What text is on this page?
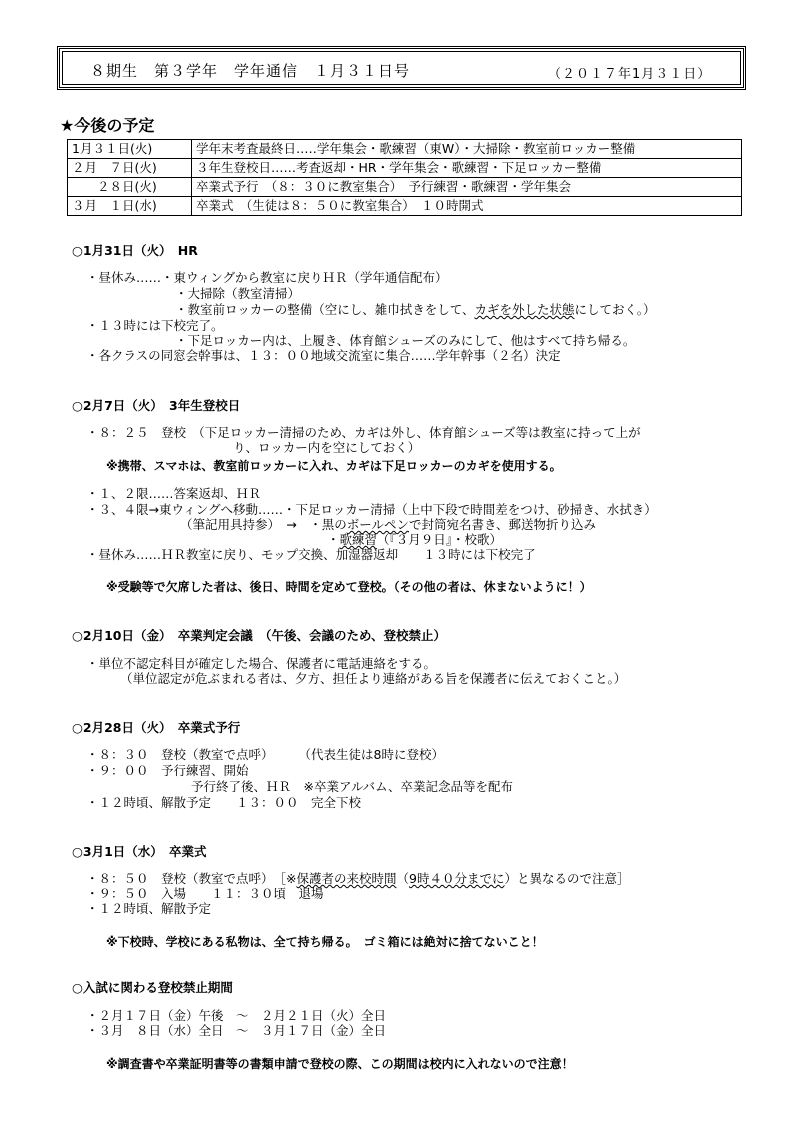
８期生　第３学年　学年通信　１月３１日号	（２０１７年1月３１日）
★今後の予定
1月３１日(火)	学年末考査最終日…‥学年集会・歌練習（東W）・大掃除・教室前ロッカー整備
２月　７日(火)	３年生登校日……考査返却・HR・学年集会・歌練習・下足ロッカー整備
　　２８日(火)	卒業式予行　（８：３０に教室集合）　予行練習・歌練習・学年集会
３月　１日(水)	卒業式　（生徒は８：５０に教室集合）　１０時開式
○1月31日（火）　HR
・昼休み……・東ウィングから教室に戻りＨＲ（学年通信配布）
・大掃除（教室清掃）
・教室前ロッカーの整備（空にし、雑巾拭きをして、カギを外した状態にしておく。）
・１３時には下校完了。
・下足ロッカー内は、上履き、体育館シューズのみにして、他はすべて持ち帰る。
・各クラスの同窓会幹事は、１３：００地域交流室に集合……学年幹事（２名）決定
○2月7日（火）　3年生登校日
・８：２５　登校　（下足ロッカー清掃のため、カギは外し、体育館シューズ等は教室に持って上が
り、ロッカー内を空にしておく）
※携帯、スマホは、教室前ロッカーに入れ、カギは下足ロッカーのカギを使用する。
・１、２限……答案返却、ＨＲ
・３、４限→東ウィングへ移動……・下足ロッカー清掃（上中下段で時間差をつけ、砂掃き、水拭き）
（筆記用具持参）　→　・黒のボールペンで封筒宛名書き、郵送物折り込み
・歌練習（『３月９日』・校歌）
・昼休み……ＨＲ教室に戻り、モップ交換、加湿器返却　　１３時には下校完了
※受験等で欠席した者は、後日、時間を定めて登校。（その他の者は、休まないように！）
○2月10日（金）　卒業判定会議　（午後、会議のため、登校禁止）
・単位不認定科目が確定した場合、保護者に電話連絡をする。
（単位認定が危ぶまれる者は、夕方、担任より連絡がある旨を保護者に伝えておくこと。）
○2月28日（火）　卒業式予行
・８：３０　登校（教室で点呼）　　　（代表生徒は8時に登校）
・９：００　予行練習、開始
予行終了後、ＨＲ　※卒業アルバム、卒業記念品等を配布
・１２時頃、解散予定　　１３：００　完全下校
○3月1日（水）　卒業式
・８：５０　登校（教室で点呼）　［※保護者の来校時間（9時４０分までに）と異なるので注意］
・９：５０　入場　　１１：３０頃　退場
・１２時頃、解散予定
※下校時、学校にある私物は、全て持ち帰る。　ゴミ箱には絶対に捨てないこと！
○入試に関わる登校禁止期間
・２月１７日（金）午後　～　２月２１日（火）全日
・３月　８日（水）全日　～　３月１７日（金）全日
※調査書や卒業証明書等の書類申請で登校の際、この期間は校内に入れないので注意！
